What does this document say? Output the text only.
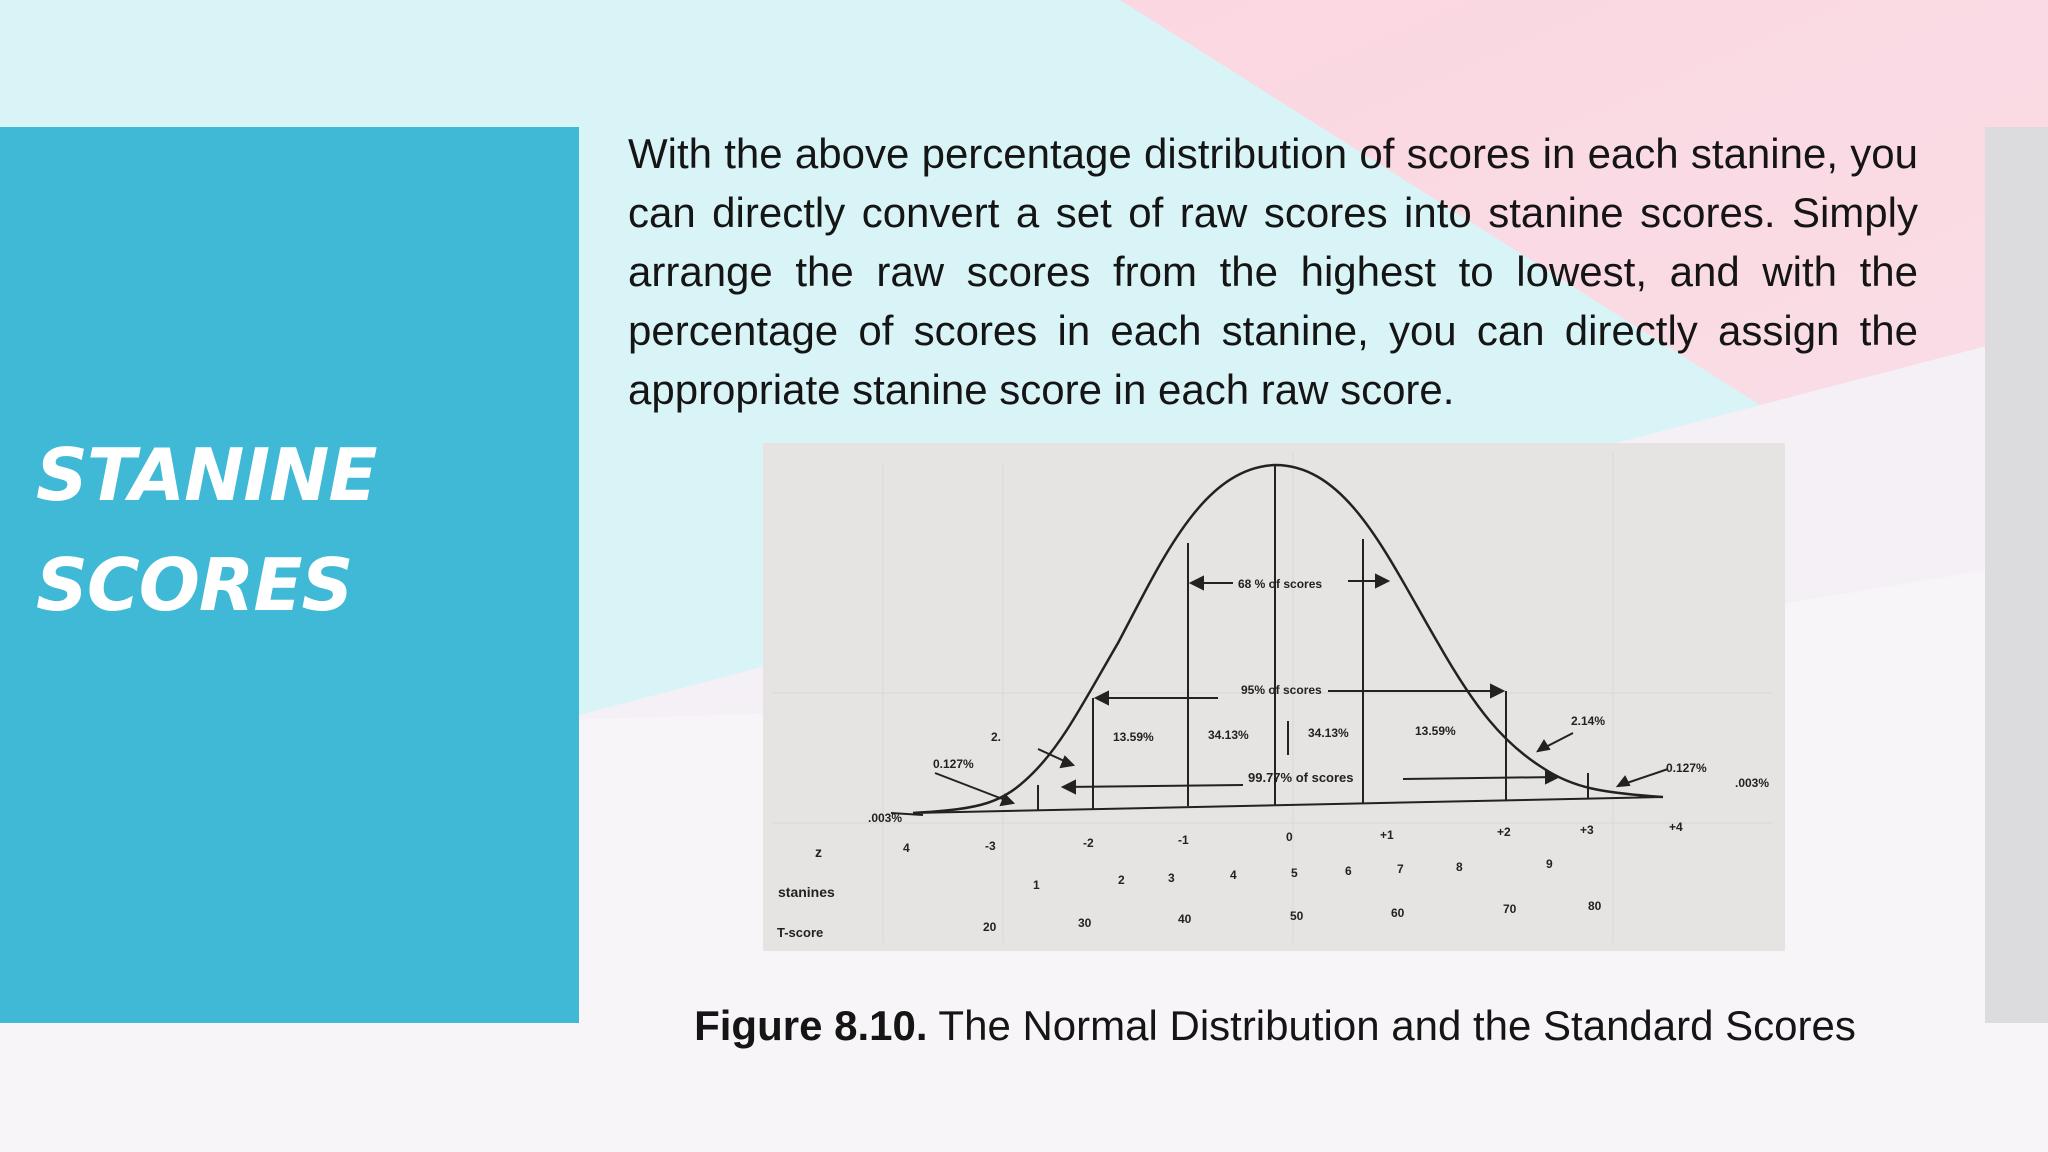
STANINE
SCORES

With the above percentage distribution of scores in each stanine, you can directly convert a set of raw scores into stanine scores. Simply arrange the raw scores from the highest to lowest, and with the percentage of scores in each stanine, you can directly assign the appropriate stanine score in each raw score.

68 % of scores
95% of scores
99.77% of scores
13.59%	34.13%	34.13%	13.59%
2.14%
2.
0.127%	0.127%
.003%
.003%
z
stanines
T-score
4	-3	-2	-1	0	+1	+2	+3	+4
1	2	3	4	5	6	7	8	9
20	30	40	50	60	70	80

Figure 8.10. The Normal Distribution and the Standard Scores
